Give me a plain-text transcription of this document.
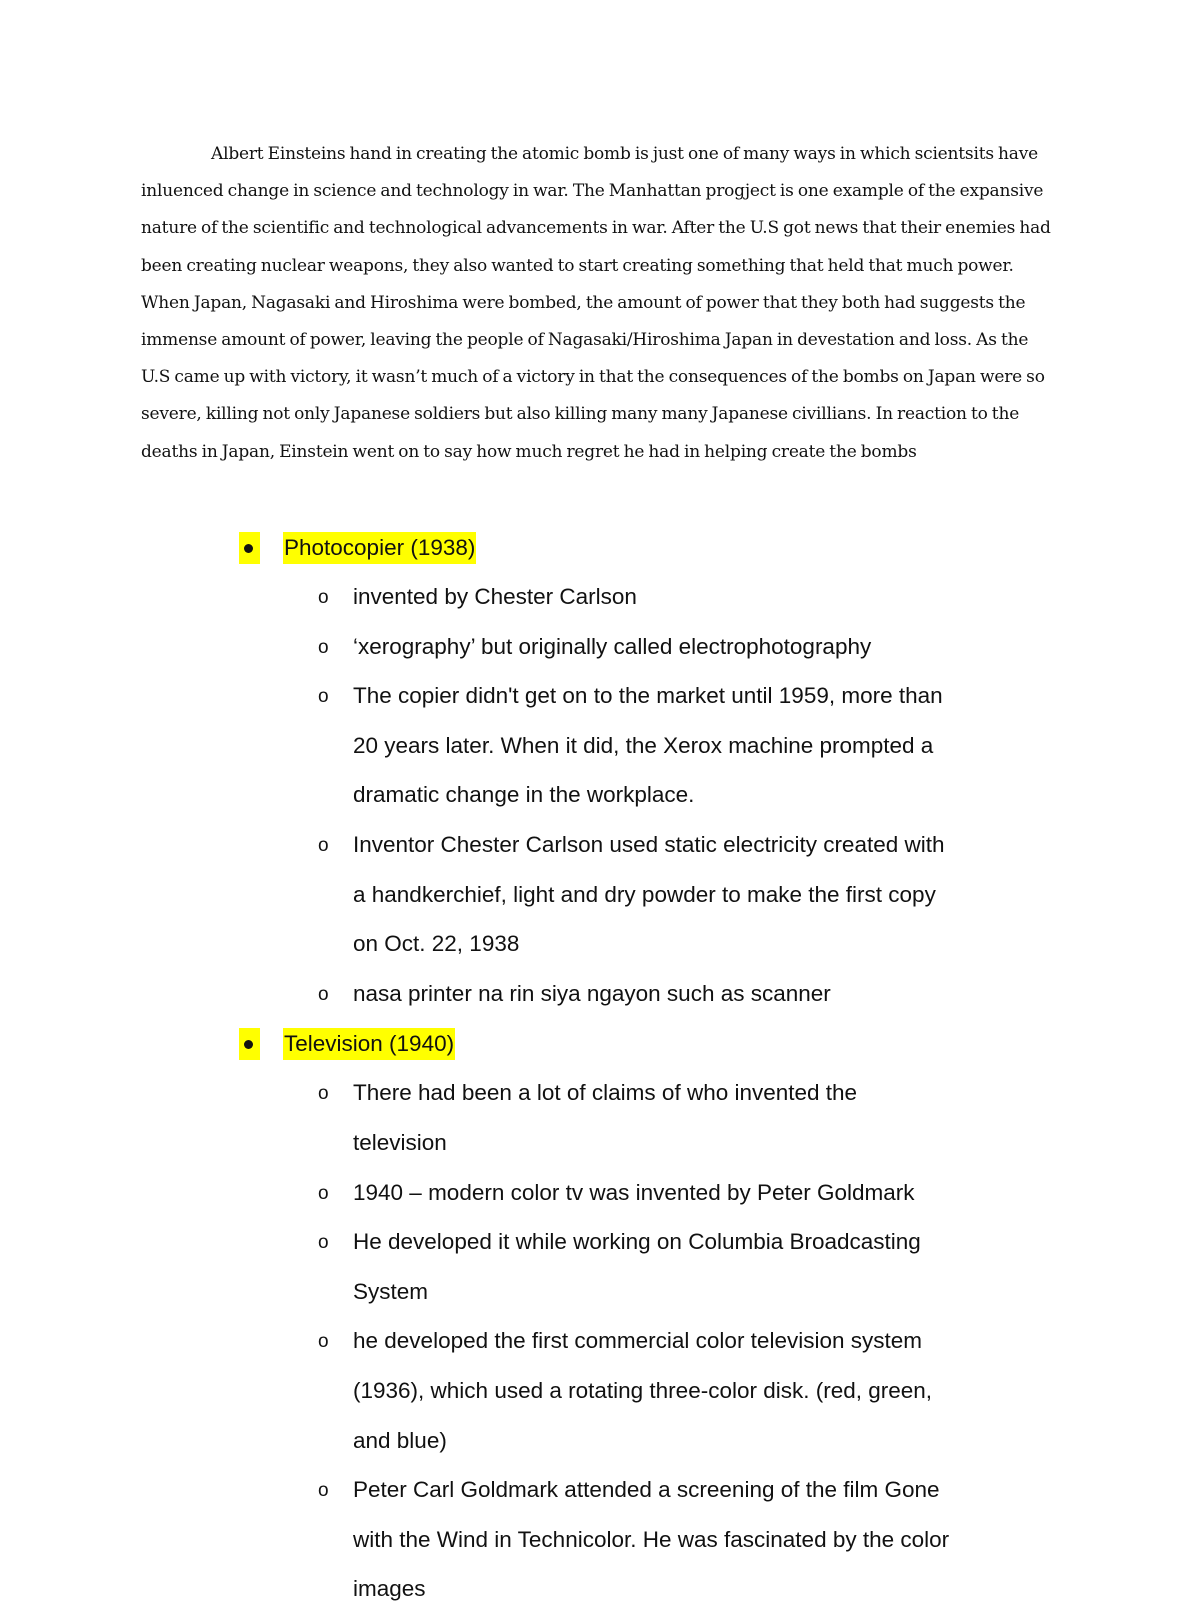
Albert Einsteins hand in creating the atomic bomb is just one of many ways in which scientsits have inluenced change in science and technology in war. The Manhattan progject is one example of the expansive nature of the scientific and technological advancements in war. After the U.S got news that their enemies had been creating nuclear weapons, they also wanted to start creating something that held that much power. When Japan, Nagasaki and Hiroshima were bombed, the amount of power that they both had suggests the immense amount of power, leaving the people of Nagasaki/Hiroshima Japan in devestation and loss. As the U.S came up with victory, it wasn’t much of a victory in that the consequences of the bombs on Japan were so severe, killing not only Japanese soldiers but also killing many many Japanese civillians. In reaction to the deaths in Japan, Einstein went on to say how much regret he had in helping create the bombs

Photocopier (1938)
o invented by Chester Carlson
o ‘xerography’ but originally called electrophotography
o The copier didn't get on to the market until 1959, more than 20 years later. When it did, the Xerox machine prompted a dramatic change in the workplace.
o Inventor Chester Carlson used static electricity created with a handkerchief, light and dry powder to make the first copy on Oct. 22, 1938
o nasa printer na rin siya ngayon such as scanner
Television (1940)
o There had been a lot of claims of who invented the television
o 1940 – modern color tv was invented by Peter Goldmark
o He developed it while working on Columbia Broadcasting System
o he developed the first commercial color television system (1936), which used a rotating three-color disk. (red, green, and blue)
o Peter Carl Goldmark attended a screening of the film Gone with the Wind in Technicolor. He was fascinated by the color images
